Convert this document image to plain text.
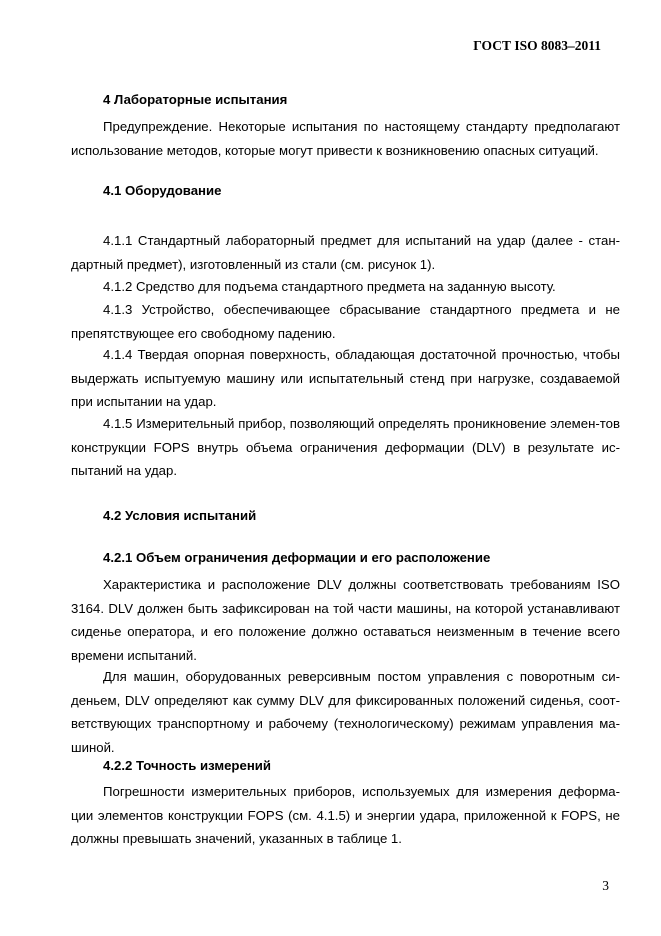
ГОСТ ISO 8083–2011

4 Лабораторные испытания

Предупреждение. Некоторые испытания по настоящему стандарту предполагают использование методов, которые могут привести к возникновению опасных ситуаций.

4.1 Оборудование

4.1.1 Стандартный лабораторный предмет для испытаний на удар (далее - стан-дартный предмет), изготовленный из стали (см. рисунок 1).

4.1.2 Средство для подъема стандартного предмета на заданную высоту.

4.1.3 Устройство, обеспечивающее сбрасывание стандартного предмета и не препятствующее его свободному падению.

4.1.4 Твердая опорная поверхность, обладающая достаточной прочностью, чтобы выдержать испытуемую машину или испытательный стенд при нагрузке, создаваемой при испытании на удар.

4.1.5 Измерительный прибор, позволяющий определять проникновение элемен-тов конструкции FOPS внутрь объема ограничения деформации (DLV) в результате ис-пытаний на удар.

4.2 Условия испытаний

4.2.1 Объем ограничения деформации и его расположение

Характеристика и расположение DLV должны соответствовать требованиям ISO 3164. DLV должен быть зафиксирован на той части машины, на которой устанавливают сиденье оператора, и его положение должно оставаться неизменным в течение всего времени испытаний.

Для машин, оборудованных реверсивным постом управления с поворотным си-деньем, DLV определяют как сумму DLV для фиксированных положений сиденья, соот-ветствующих транспортному и рабочему (технологическому) режимам управления ма-шиной.

4.2.2 Точность измерений

Погрешности измерительных приборов, используемых для измерения деформа-ции элементов конструкции FOPS (см. 4.1.5) и энергии удара, приложенной к FOPS, не должны превышать значений, указанных в таблице 1.

3
